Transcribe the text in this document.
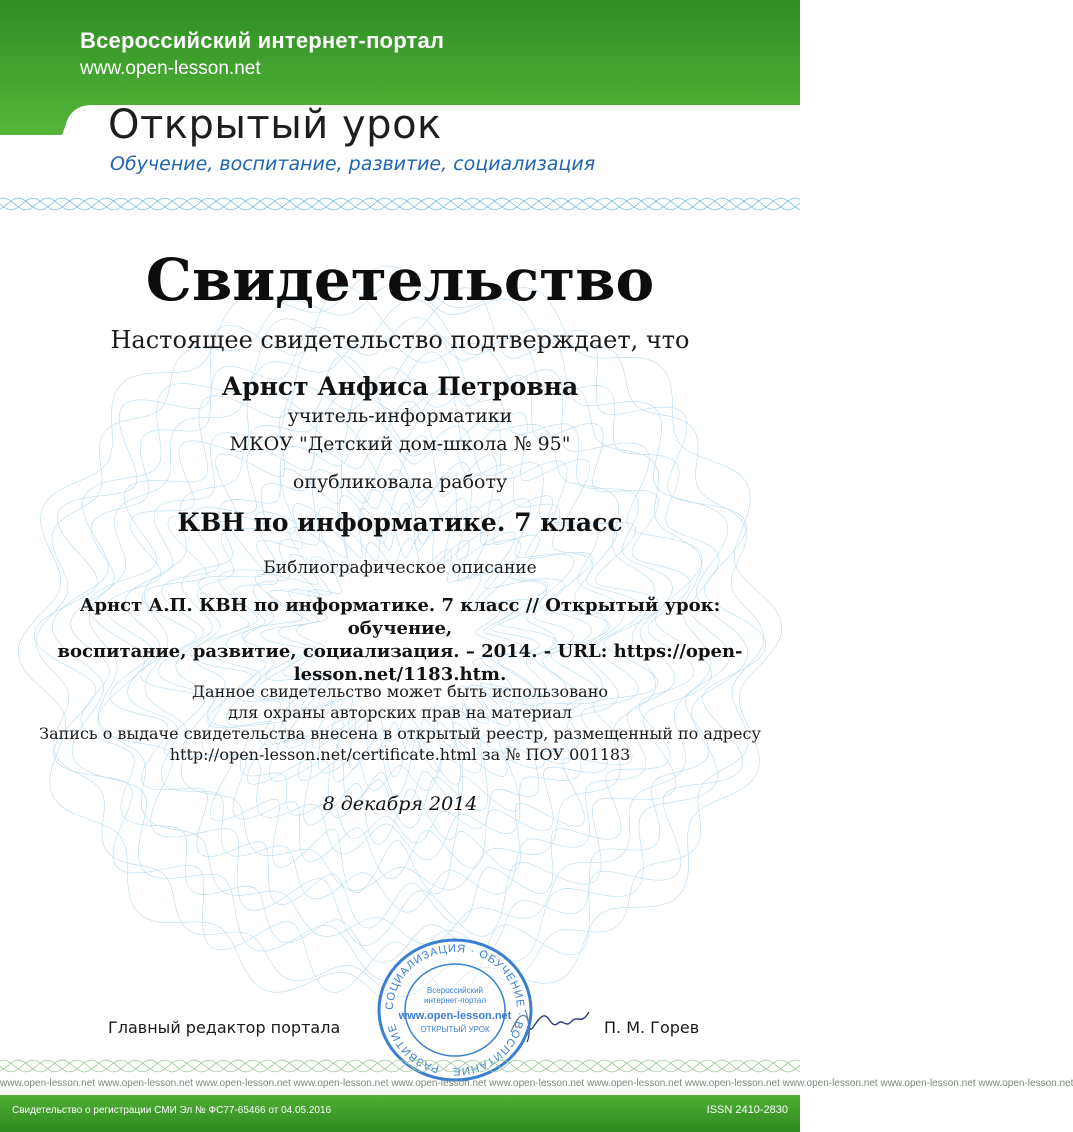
Всероссийский интернет-портал
www.open-lesson.net
Открытый урок
Обучение, воспитание, развитие, социализация
Свидетельство
Настоящее свидетельство подтверждает, что
Арнст Анфиса Петровна
учитель-информатики
МКОУ "Детский дом-школа № 95"
опубликовала работу
КВН по информатике. 7 класс
Библиографическое описание
Арнст А.П. КВН по информатике. 7 класс // Открытый урок: обучение,
воспитание, развитие, социализация. – 2014. - URL: https://open-
lesson.net/1183.htm.
Данное свидетельство может быть использовано
для охраны авторских прав на материал
Запись о выдаче свидетельства внесена в открытый реестр, размещенный по адресу
http://open-lesson.net/certificate.html за № ПОУ 001183
8 декабря 2014
Главный редактор портала	П. М. Горев
СОЦИАЛИЗАЦИЯ · ОБУЧЕНИЕ · ВОСПИТАНИЕ · РАЗВИТИЕ
Всероссийский
интернет-портал
www.open-lesson.net
ОТКРЫТЫЙ УРОК
www.open-lesson.net www.open-lesson.net www.open-lesson.net www.open-lesson.net www.open-lesson.net www.open-lesson.net www.open-lesson.net www.open-lesson.net www.open-lesson.net www.open-lesson.net www.open-lesson.net
Свидетельство о регистрации СМИ Эл № ФС77-65466 от 04.05.2016	ISSN 2410-2830
